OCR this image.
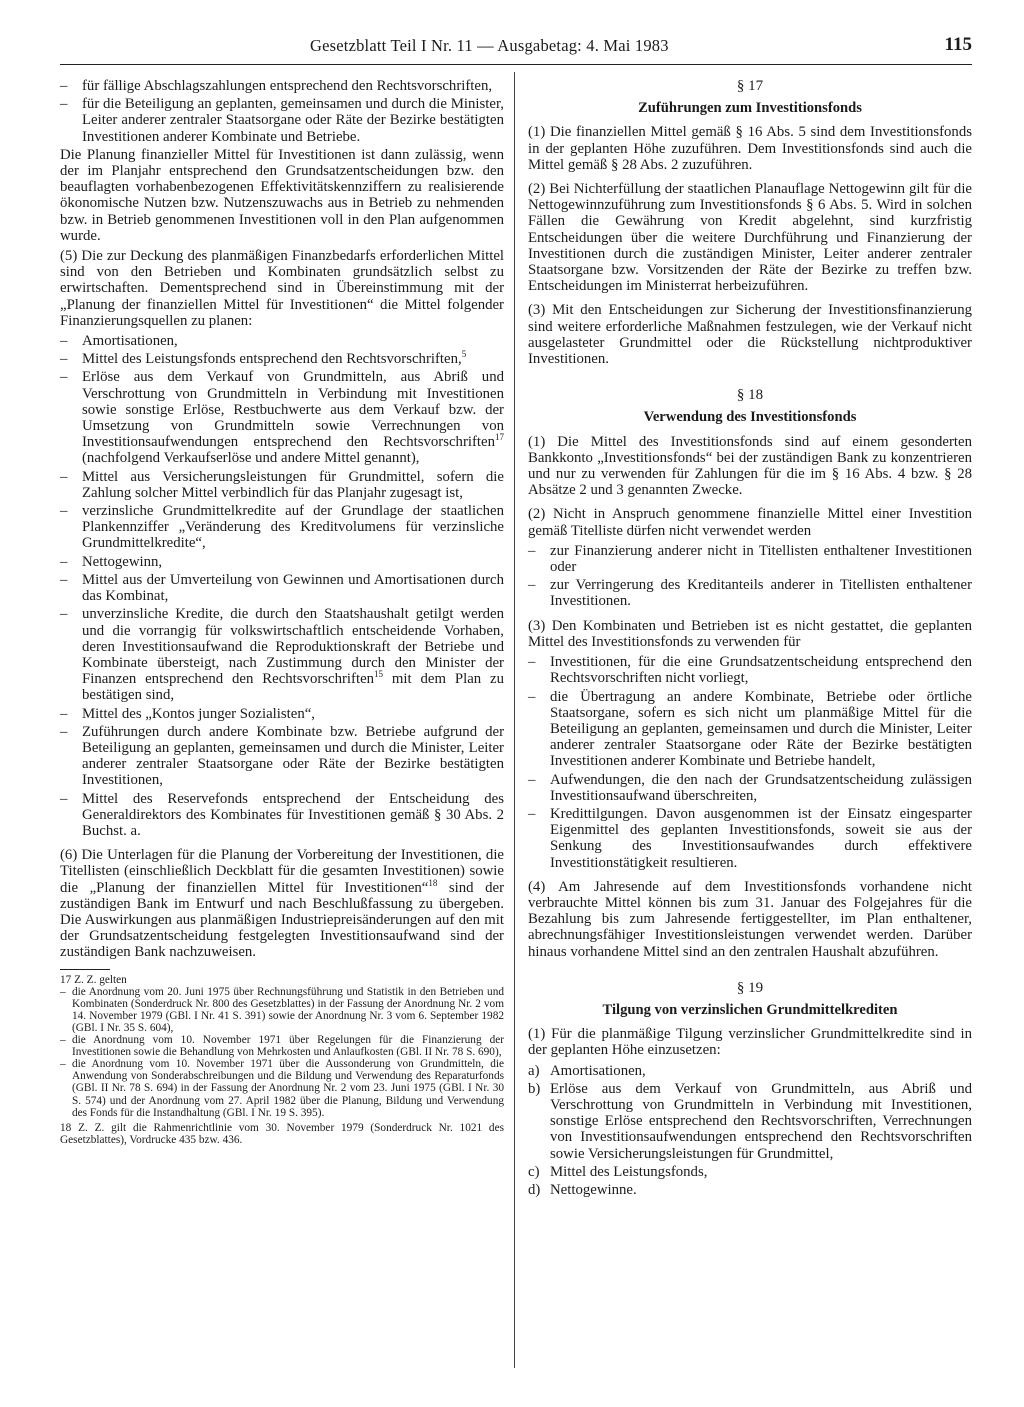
Gesetzblatt Teil I Nr. 11 — Ausgabetag: 4. Mai 1983	115
– für fällige Abschlagszahlungen entsprechend den Rechtsvorschriften,
– für die Beteiligung an geplanten, gemeinsamen und durch die Minister, Leiter anderer zentraler Staatsorgane oder Räte der Bezirke bestätigten Investitionen anderer Kombinate und Betriebe.

Die Planung finanzieller Mittel für Investitionen ist dann zulässig, wenn der im Planjahr entsprechend den Grundsatzentscheidungen bzw. den beauflagten vorhabenbezogenen Effektivitätskennziffern zu realisierende ökonomische Nutzen bzw. Nutzenszuwachs aus in Betrieb zu nehmenden bzw. in Betrieb genommenen Investitionen voll in den Plan aufgenommen wurde.

(5) Die zur Deckung des planmäßigen Finanzbedarfs erforderlichen Mittel sind von den Betrieben und Kombinaten grundsätzlich selbst zu erwirtschaften. Dementsprechend sind in Übereinstimmung mit der „Planung der finanziellen Mittel für Investitionen“ die Mittel folgender Finanzierungsquellen zu planen:

– Amortisationen,
– Mittel des Leistungsfonds entsprechend den Rechtsvorschriften,$^5$
– Erlöse aus dem Verkauf von Grundmitteln, aus Abriß und Verschrottung von Grundmitteln in Verbindung mit Investitionen sowie sonstige Erlöse, Restbuchwerte aus dem Verkauf bzw. der Umsetzung von Grundmitteln sowie Verrechnungen von Investitionsaufwendungen entsprechend den Rechtsvorschriften$^{17}$ (nachfolgend Verkaufserlöse und andere Mittel genannt),
– Mittel aus Versicherungsleistungen für Grundmittel, sofern die Zahlung solcher Mittel verbindlich für das Planjahr zugesagt ist,
– verzinsliche Grundmittelkredite auf der Grundlage der staatlichen Plankennziffer „Veränderung des Kreditvolumens für verzinsliche Grundmittelkredite“,
– Nettogewinn,
– Mittel aus der Umverteilung von Gewinnen und Amortisationen durch das Kombinat,
– unverzinsliche Kredite, die durch den Staatshaushalt getilgt werden und die vorrangig für volkswirtschaftlich entscheidende Vorhaben, deren Investitionsaufwand die Reproduktionskraft der Betriebe und Kombinate übersteigt, nach Zustimmung durch den Minister der Finanzen entsprechend den Rechtsvorschriften$^{15}$ mit dem Plan zu bestätigen sind,
– Mittel des „Kontos junger Sozialisten“,
– Zuführungen durch andere Kombinate bzw. Betriebe aufgrund der Beteiligung an geplanten, gemeinsamen und durch die Minister, Leiter anderer zentraler Staatsorgane oder Räte der Bezirke bestätigten Investitionen,
– Mittel des Reservefonds entsprechend der Entscheidung des Generaldirektors des Kombinates für Investitionen gemäß § 30 Abs. 2 Buchst. a.

(6) Die Unterlagen für die Planung der Vorbereitung der Investitionen, die Titellisten (einschließlich Deckblatt für die gesamten Investitionen) sowie die „Planung der finanziellen Mittel für Investitionen“$^{18}$ sind der zuständigen Bank im Entwurf und nach Beschlußfassung zu übergeben. Die Auswirkungen aus planmäßigen Industriepreisänderungen auf den mit der Grundsatzentscheidung festgelegten Investitionsaufwand sind der zuständigen Bank nachzuweisen.

17 Z. Z. gelten

– die Anordnung vom 20. Juni 1975 über Rechnungsführung und Statistik in den Betrieben und Kombinaten (Sonderdruck Nr. 800 des Gesetzblattes) in der Fassung der Anordnung Nr. 2 vom 14. November 1979 (GBl. I Nr. 41 S. 391) sowie der Anordnung Nr. 3 vom 6. September 1982 (GBl. I Nr. 35 S. 604),
– die Anordnung vom 10. November 1971 über Regelungen für die Finanzierung der Investitionen sowie die Behandlung von Mehrkosten und Anlaufkosten (GBl. II Nr. 78 S. 690),
– die Anordnung vom 10. November 1971 über die Aussonderung von Grundmitteln, die Anwendung von Sonderabschreibungen und die Bildung und Verwendung des Reparaturfonds (GBl. II Nr. 78 S. 694) in der Fassung der Anordnung Nr. 2 vom 23. Juni 1975 (GBl. I Nr. 30 S. 574) und der Anordnung vom 27. April 1982 über die Planung, Bildung und Verwendung des Fonds für die Instandhaltung (GBl. I Nr. 19 S. 395).

18 Z. Z. gilt die Rahmenrichtlinie vom 30. November 1979 (Sonderdruck Nr. 1021 des Gesetzblattes), Vordrucke 435 bzw. 436.

§ 17
Zuführungen zum Investitionsfonds

(1) Die finanziellen Mittel gemäß § 16 Abs. 5 sind dem Investitionsfonds in der geplanten Höhe zuzuführen. Dem Investitionsfonds sind auch die Mittel gemäß § 28 Abs. 2 zuzuführen.

(2) Bei Nichterfüllung der staatlichen Planauflage Nettogewinn gilt für die Nettogewinnzuführung zum Investitionsfonds § 6 Abs. 5. Wird in solchen Fällen die Gewährung von Kredit abgelehnt, sind kurzfristig Entscheidungen über die weitere Durchführung und Finanzierung der Investitionen durch die zuständigen Minister, Leiter anderer zentraler Staatsorgane bzw. Vorsitzenden der Räte der Bezirke zu treffen bzw. Entscheidungen im Ministerrat herbeizuführen.

(3) Mit den Entscheidungen zur Sicherung der Investitionsfinanzierung sind weitere erforderliche Maßnahmen festzulegen, wie der Verkauf nicht ausgelasteter Grundmittel oder die Rückstellung nichtproduktiver Investitionen.

§ 18
Verwendung des Investitionsfonds

(1) Die Mittel des Investitionsfonds sind auf einem gesonderten Bankkonto „Investitionsfonds“ bei der zuständigen Bank zu konzentrieren und nur zu verwenden für Zahlungen für die im § 16 Abs. 4 bzw. § 28 Absätze 2 und 3 genannten Zwecke.

(2) Nicht in Anspruch genommene finanzielle Mittel einer Investition gemäß Titelliste dürfen nicht verwendet werden

– zur Finanzierung anderer nicht in Titellisten enthaltener Investitionen oder
– zur Verringerung des Kreditanteils anderer in Titellisten enthaltener Investitionen.

(3) Den Kombinaten und Betrieben ist es nicht gestattet, die geplanten Mittel des Investitionsfonds zu verwenden für

– Investitionen, für die eine Grundsatzentscheidung entsprechend den Rechtsvorschriften nicht vorliegt,
– die Übertragung an andere Kombinate, Betriebe oder örtliche Staatsorgane, sofern es sich nicht um planmäßige Mittel für die Beteiligung an geplanten, gemeinsamen und durch die Minister, Leiter anderer zentraler Staatsorgane oder Räte der Bezirke bestätigten Investitionen anderer Kombinate und Betriebe handelt,
– Aufwendungen, die den nach der Grundsatzentscheidung zulässigen Investitionsaufwand überschreiten,
– Kredittilgungen. Davon ausgenommen ist der Einsatz eingesparter Eigenmittel des geplanten Investitionsfonds, soweit sie aus der Senkung des Investitionsaufwandes durch effektivere Investitionstätigkeit resultieren.

(4) Am Jahresende auf dem Investitionsfonds vorhandene nicht verbrauchte Mittel können bis zum 31. Januar des Folgejahres für die Bezahlung bis zum Jahresende fertiggestellter, im Plan enthaltener, abrechnungsfähiger Investitionsleistungen verwendet werden. Darüber hinaus vorhandene Mittel sind an den zentralen Haushalt abzuführen.

§ 19
Tilgung von verzinslichen Grundmittelkrediten

(1) Für die planmäßige Tilgung verzinslicher Grundmittelkredite sind in der geplanten Höhe einzusetzen:

a) Amortisationen,
b) Erlöse aus dem Verkauf von Grundmitteln, aus Abriß und Verschrottung von Grundmitteln in Verbindung mit Investitionen, sonstige Erlöse entsprechend den Rechtsvorschriften, Verrechnungen von Investitionsaufwendungen entsprechend den Rechtsvorschriften sowie Versicherungsleistungen für Grundmittel,
c) Mittel des Leistungsfonds,
d) Nettogewinne.
